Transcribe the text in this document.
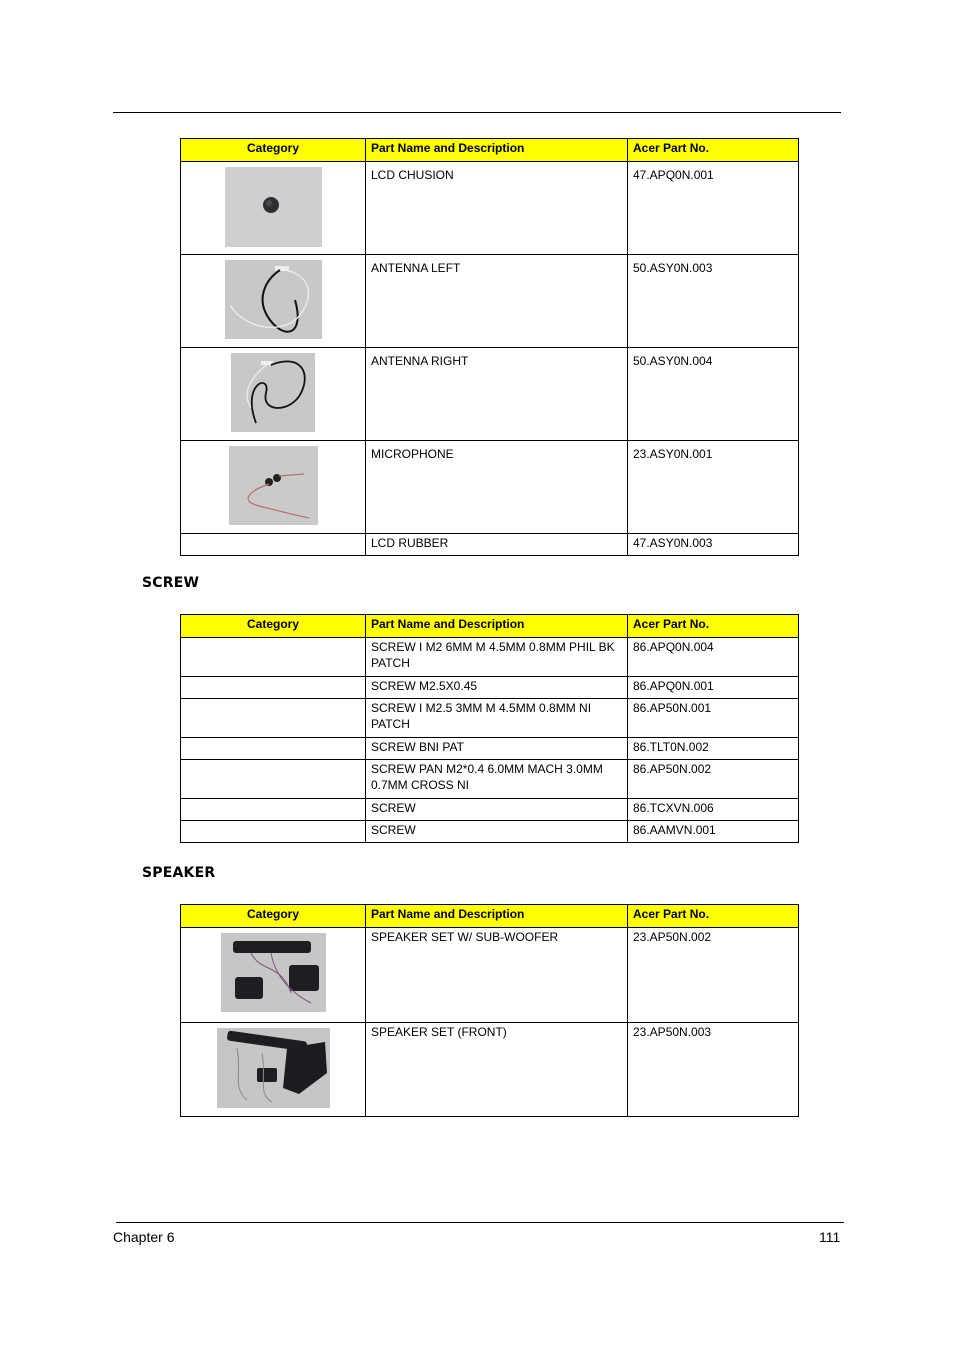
Category	Part Name and Description	Acer Part No.
	LCD CHUSION	47.APQ0N.001
	ANTENNA LEFT	50.ASY0N.003
	ANTENNA RIGHT	50.ASY0N.004
	MICROPHONE	23.ASY0N.001
	LCD RUBBER	47.ASY0N.003
SCREW
Category	Part Name and Description	Acer Part No.
	SCREW I M2 6MM M 4.5MM 0.8MM PHIL BK PATCH	86.APQ0N.004
	SCREW M2.5X0.45	86.APQ0N.001
	SCREW I M2.5 3MM M 4.5MM 0.8MM NI PATCH	86.AP50N.001
	SCREW BNI PAT	86.TLT0N.002
	SCREW PAN M2*0.4 6.0MM MACH 3.0MM 0.7MM CROSS NI	86.AP50N.002
	SCREW	86.TCXVN.006
	SCREW	86.AAMVN.001
SPEAKER
Category	Part Name and Description	Acer Part No.
	SPEAKER SET W/ SUB-WOOFER	23.AP50N.002
	SPEAKER SET (FRONT)	23.AP50N.003
Chapter 6	111
